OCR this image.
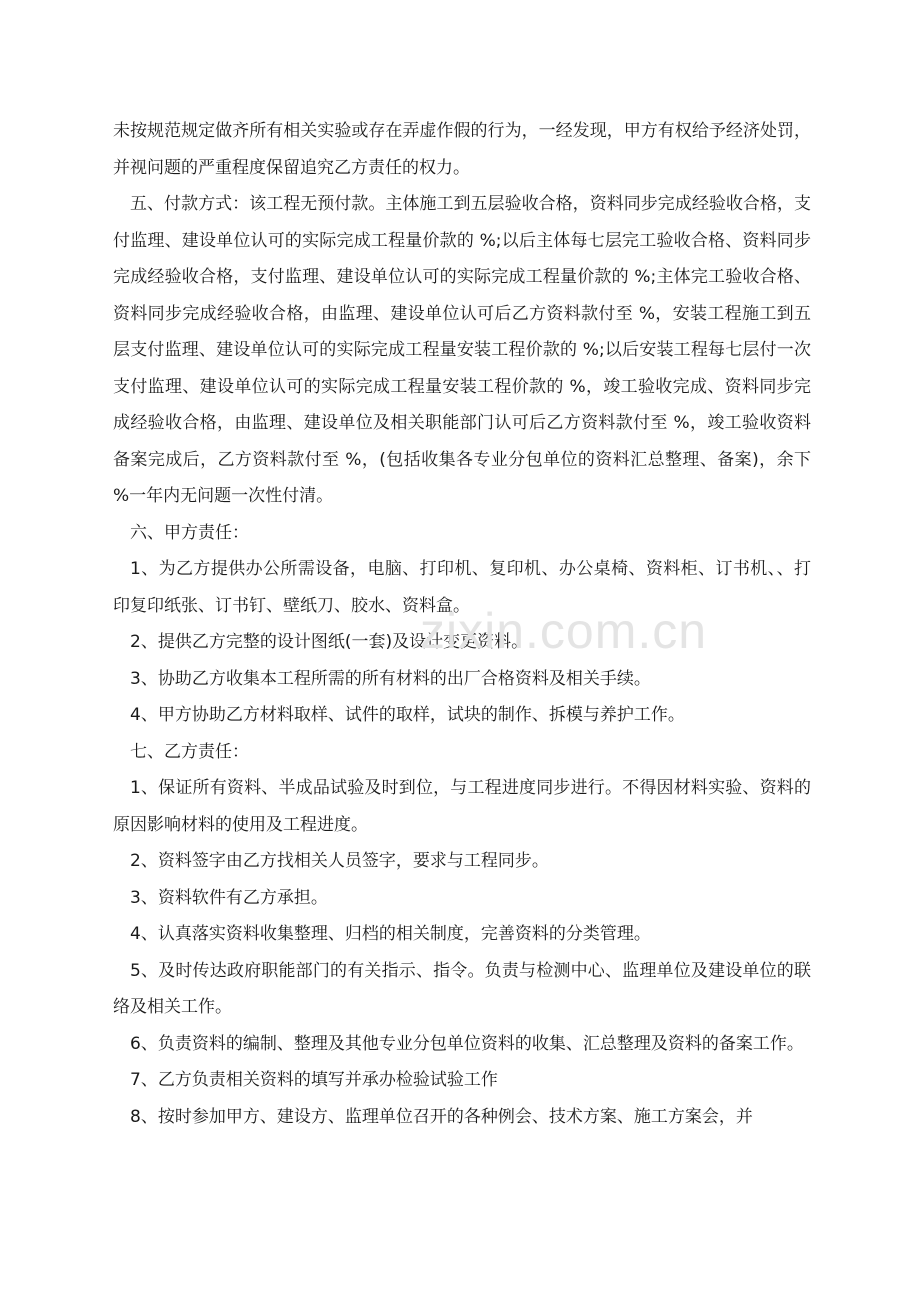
未按规范规定做齐所有相关实验或存在弄虚作假的行为，一经发现，甲方有权给予经济处罚，并视问题的严重程度保留追究乙方责任的权力。

五、付款方式：该工程无预付款。主体施工到五层验收合格，资料同步完成经验收合格，支付监理、建设单位认可的实际完成工程量价款的 %;以后主体每七层完工验收合格、资料同步完成经验收合格，支付监理、建设单位认可的实际完成工程量价款的 %;主体完工验收合格、资料同步完成经验收合格，由监理、建设单位认可后乙方资料款付至 %，安装工程施工到五层支付监理、建设单位认可的实际完成工程量安装工程价款的 %;以后安装工程每七层付一次支付监理、建设单位认可的实际完成工程量安装工程价款的 %，竣工验收完成、资料同步完成经验收合格，由监理、建设单位及相关职能部门认可后乙方资料款付至 %，竣工验收资料备案完成后，乙方资料款付至 %，(包括收集各专业分包单位的资料汇总整理、备案)，余下 %一年内无问题一次性付清。

六、甲方责任：

1、为乙方提供办公所需设备，电脑、打印机、复印机、办公桌椅、资料柜、订书机、、打印复印纸张、订书钉、壁纸刀、胶水、资料盒。

2、提供乙方完整的设计图纸(一套)及设计变更资料。

3、协助乙方收集本工程所需的所有材料的出厂合格资料及相关手续。

4、甲方协助乙方材料取样、试件的取样，试块的制作、拆模与养护工作。

七、乙方责任：

1、保证所有资料、半成品试验及时到位，与工程进度同步进行。不得因材料实验、资料的原因影响材料的使用及工程进度。

2、资料签字由乙方找相关人员签字，要求与工程同步。

3、资料软件有乙方承担。

4、认真落实资料收集整理、归档的相关制度，完善资料的分类管理。

5、及时传达政府职能部门的有关指示、指令。负责与检测中心、监理单位及建设单位的联络及相关工作。

6、负责资料的编制、整理及其他专业分包单位资料的收集、汇总整理及资料的备案工作。

7、乙方负责相关资料的填写并承办检验试验工作

8、按时参加甲方、建设方、监理单位召开的各种例会、技术方案、施工方案会，并

zixin.com.cn
